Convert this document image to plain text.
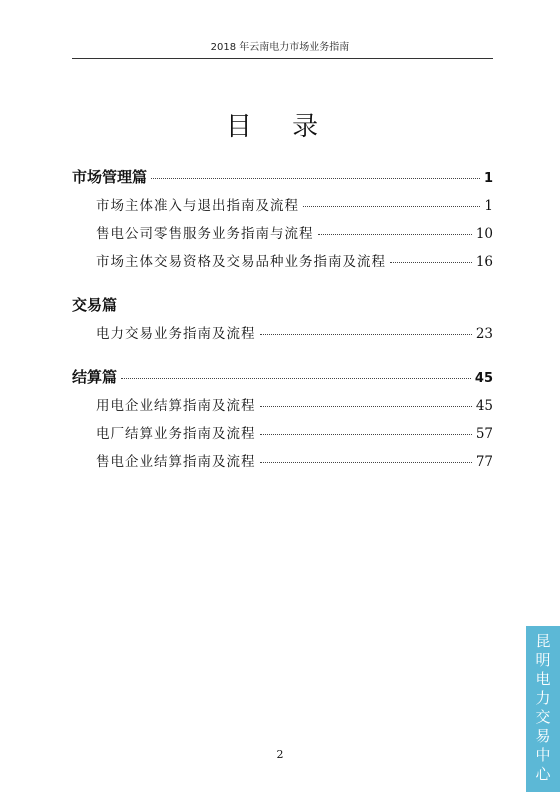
2018 年云南电力市场业务指南
目 录
市场管理篇	1
市场主体准入与退出指南及流程	1
售电公司零售服务业务指南与流程	10
市场主体交易资格及交易品种业务指南及流程	16
交易篇
电力交易业务指南及流程	23
结算篇	45
用电企业结算指南及流程	45
电厂结算业务指南及流程	57
售电企业结算指南及流程	77
2	昆明电力交易中心
